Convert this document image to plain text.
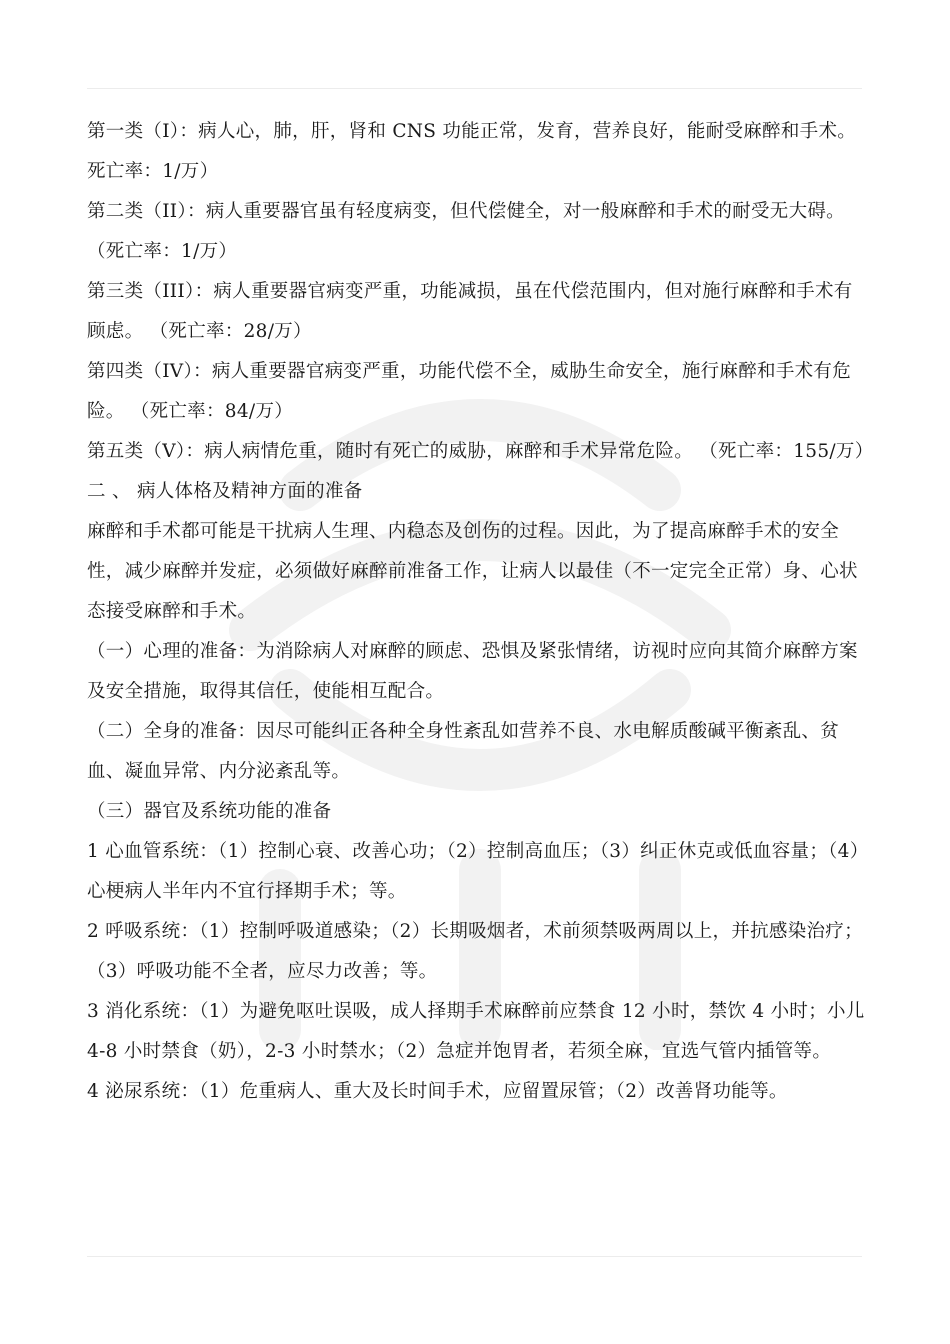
第一类（I）：病人心，肺，肝，肾和 CNS 功能正常，发育，营养良好，能耐受麻醉和手术。死亡率：1/万）

第二类（II）：病人重要器官虽有轻度病变，但代偿健全，对一般麻醉和手术的耐受无大碍。 （死亡率：1/万）

第三类（III）：病人重要器官病变严重，功能减损，虽在代偿范围内，但对施行麻醉和手术有顾虑。 （死亡率：28/万）

第四类（IV）：病人重要器官病变严重，功能代偿不全，威胁生命安全，施行麻醉和手术有危险。 （死亡率：84/万）

第五类（V）：病人病情危重，随时有死亡的威胁，麻醉和手术异常危险。 （死亡率：155/万）

二 、 病人体格及精神方面的准备

麻醉和手术都可能是干扰病人生理、内稳态及创伤的过程。因此，为了提高麻醉手术的安全性，减少麻醉并发症，必须做好麻醉前准备工作，让病人以最佳（不一定完全正常）身、心状态接受麻醉和手术。

（一）心理的准备：为消除病人对麻醉的顾虑、恐惧及紧张情绪，访视时应向其简介麻醉方案及安全措施，取得其信任，使能相互配合。

（二）全身的准备：因尽可能纠正各种全身性紊乱如营养不良、水电解质酸碱平衡紊乱、贫血、凝血异常、内分泌紊乱等。

（三）器官及系统功能的准备

1 心血管系统：（1）控制心衰、改善心功；（2）控制高血压；（3）纠正休克或低血容量；（4）心梗病人半年内不宜行择期手术；等。

2 呼吸系统：（1）控制呼吸道感染；（2）长期吸烟者，术前须禁吸两周以上，并抗感染治疗；（3）呼吸功能不全者，应尽力改善；等。

3 消化系统：（1）为避免呕吐误吸，成人择期手术麻醉前应禁食 12 小时，禁饮 4 小时；小儿 4-8 小时禁食（奶），2-3 小时禁水；（2）急症并饱胃者，若须全麻，宜选气管内插管等。

4 泌尿系统：（1）危重病人、重大及长时间手术，应留置尿管；（2）改善肾功能等。
